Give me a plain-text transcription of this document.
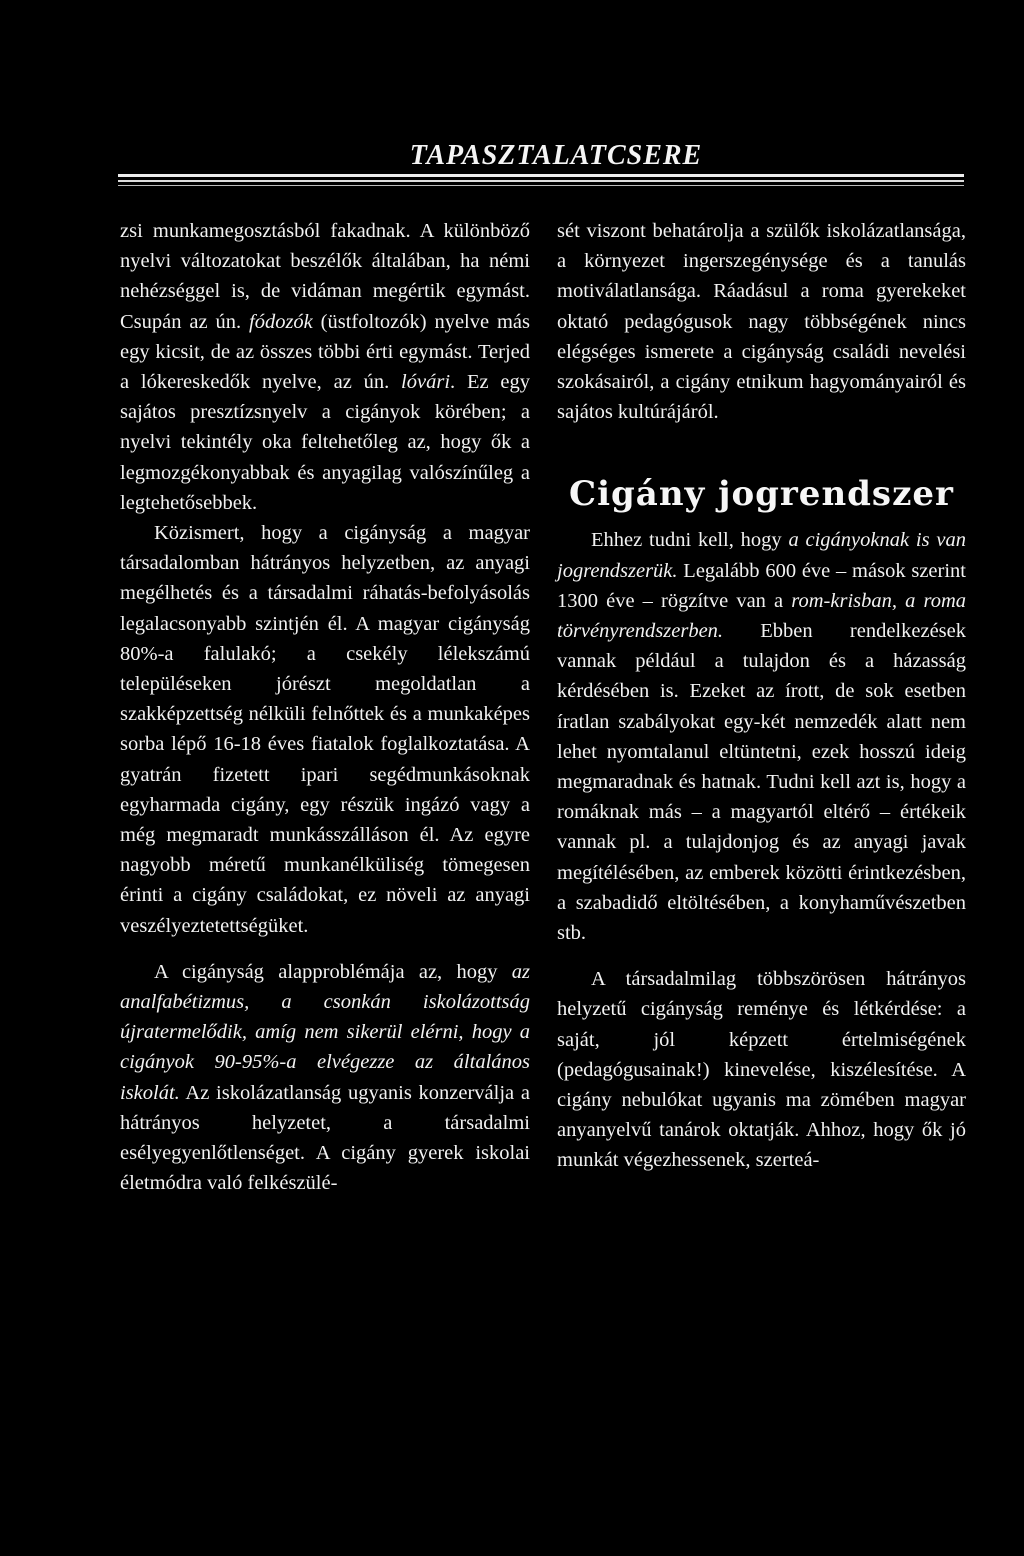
TAPASZTALATCSERE

zsi munkamegosztásból fakadnak. A különböző nyelvi változatokat beszélők általában, ha némi nehézséggel is, de vidáman megértik egymást. Csupán az ún. fódozók (üstfoltozók) nyelve más egy kicsit, de az összes többi érti egymást. Terjed a lókereskedők nyelve, az ún. lóvári. Ez egy sajátos presztízsnyelv a cigányok körében; a nyelvi tekintély oka feltehetőleg az, hogy ők a legmozgékonyabbak és anyagilag valószínűleg a legtehetősebbek.

Közismert, hogy a cigányság a magyar társadalomban hátrányos helyzetben, az anyagi megélhetés és a társadalmi ráhatás-befolyásolás legalacsonyabb szintjén él. A magyar cigányság 80%-a falulakó; a csekély lélekszámú településeken jórészt megoldatlan a szakképzettség nélküli felnőttek és a munkaképes sorba lépő 16-18 éves fiatalok foglalkoztatása. A gyatrán fizetett ipari segédmunkásoknak egyharmada cigány, egy részük ingázó vagy a még megmaradt munkásszálláson él. Az egyre nagyobb méretű munkanélküliség tömegesen érinti a cigány családokat, ez növeli az anyagi veszélyeztetettségüket.

A cigányság alapproblémája az, hogy az analfabétizmus, a csonkán iskolázottság újratermelődik, amíg nem sikerül elérni, hogy a cigányok 90-95%-a elvégezze az általános iskolát. Az iskolázatlanság ugyanis konzerválja a hátrányos helyzetet, a társadalmi esélyegyenlőtlenséget. A cigány gyerek iskolai életmódra való felkészülé-

sét viszont behatárolja a szülők iskolázatlansága, a környezet ingerszegénysége és a tanulás motiválatlansága. Ráadásul a roma gyerekeket oktató pedagógusok nagy többségének nincs elégséges ismerete a cigányság családi nevelési szokásairól, a cigány etnikum hagyományairól és sajátos kultúrájáról.

Cigány jogrendszer

Ehhez tudni kell, hogy a cigányoknak is van jogrendszerük. Legalább 600 éve – mások szerint 1300 éve – rögzítve van a rom-krisban, a roma törvényrendszerben. Ebben rendelkezések vannak például a tulajdon és a házasság kérdésében is. Ezeket az írott, de sok esetben íratlan szabályokat egy-két nemzedék alatt nem lehet nyomtalanul eltüntetni, ezek hosszú ideig megmaradnak és hatnak. Tudni kell azt is, hogy a romáknak más – a magyartól eltérő – értékeik vannak pl. a tulajdonjog és az anyagi javak megítélésében, az emberek közötti érintkezésben, a szabadidő eltöltésében, a konyhaművészetben stb.

A társadalmilag többszörösen hátrányos helyzetű cigányság reménye és létkérdése: a saját, jól képzett értelmiségének (pedagógusainak!) kinevelése, kiszélesítése. A cigány nebulókat ugyanis ma zömében magyar anyanyelvű tanárok oktatják. Ahhoz, hogy ők jó munkát végezhessenek, szerteá-
